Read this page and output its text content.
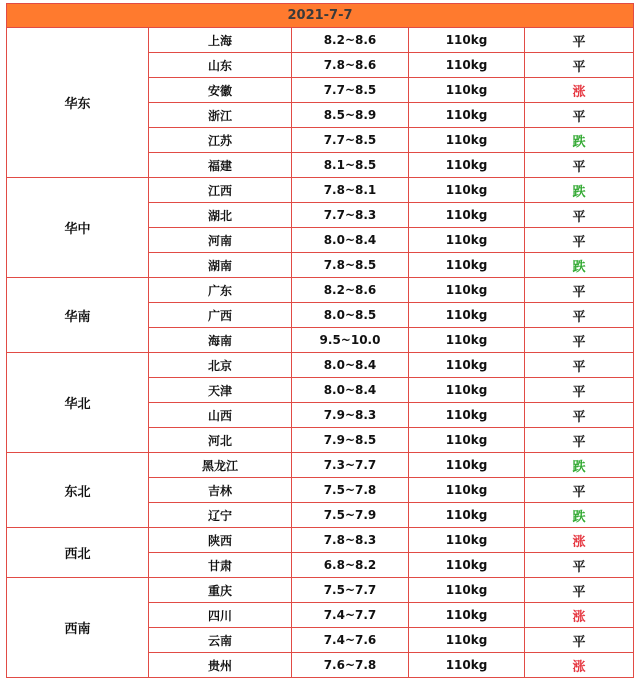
2021-7-7				
华东	上海	8.2~8.6	110kg	平
	山东	7.8~8.6	110kg	平
	安徽	7.7~8.5	110kg	涨
	浙江	8.5~8.9	110kg	平
	江苏	7.7~8.5	110kg	跌
	福建	8.1~8.5	110kg	平
华中	江西	7.8~8.1	110kg	跌
	湖北	7.7~8.3	110kg	平
	河南	8.0~8.4	110kg	平
	湖南	7.8~8.5	110kg	跌
华南	广东	8.2~8.6	110kg	平
	广西	8.0~8.5	110kg	平
	海南	9.5~10.0	110kg	平
华北	北京	8.0~8.4	110kg	平
	天津	8.0~8.4	110kg	平
	山西	7.9~8.3	110kg	平
	河北	7.9~8.5	110kg	平
东北	黑龙江	7.3~7.7	110kg	跌
	吉林	7.5~7.8	110kg	平
	辽宁	7.5~7.9	110kg	跌
西北	陕西	7.8~8.3	110kg	涨
	甘肃	6.8~8.2	110kg	平
西南	重庆	7.5~7.7	110kg	平
	四川	7.4~7.7	110kg	涨
	云南	7.4~7.6	110kg	平
	贵州	7.6~7.8	110kg	涨
